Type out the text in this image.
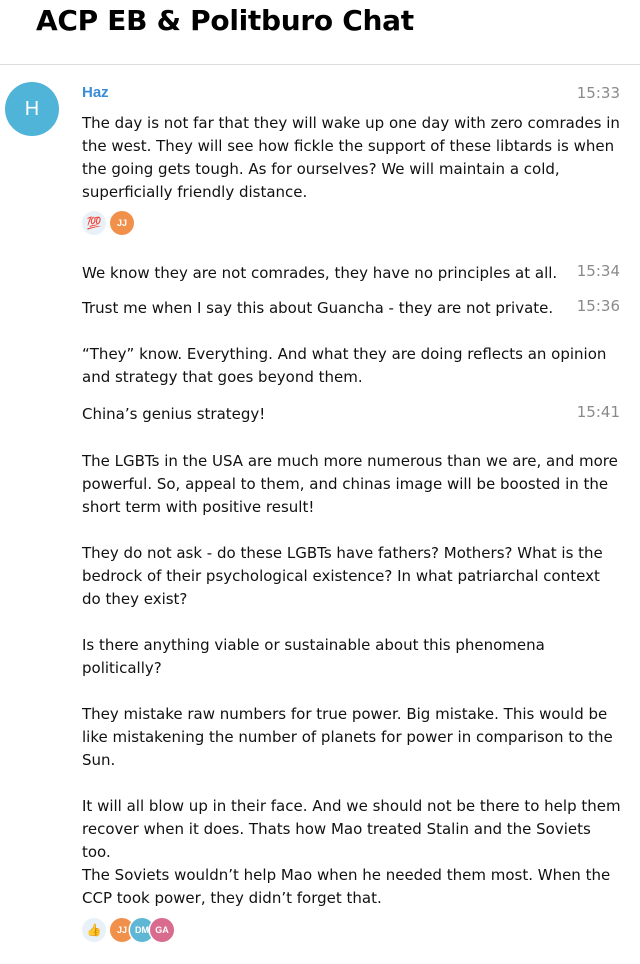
ACP EB & Politburo Chat
H
Haz	15:33
The day is not far that they will wake up one day with zero comrades in the west. They will see how fickle the support of these libtards is when the going gets tough. As for ourselves? We will maintain a cold, superficially friendly distance.
💯	JJ
We know they are not comrades, they have no principles at all.	15:34
Trust me when I say this about Guancha - they are not private.	15:36
“They” know. Everything. And what they are doing reflects an opinion and strategy that goes beyond them.
China’s genius strategy!	15:41
The LGBTs in the USA are much more numerous than we are, and more powerful. So, appeal to them, and chinas image will be boosted in the short term with positive result!
They do not ask - do these LGBTs have fathers? Mothers? What is the bedrock of their psychological existence? In what patriarchal context do they exist?
Is there anything viable or sustainable about this phenomena politically?
They mistake raw numbers for true power. Big mistake. This would be like mistakening the number of planets for power in comparison to the Sun.
It will all blow up in their face. And we should not be there to help them recover when it does. Thats how Mao treated Stalin and the Soviets too.
The Soviets wouldn’t help Mao when he needed them most. When the CCP took power, they didn’t forget that.
👍	JJ DM GA
